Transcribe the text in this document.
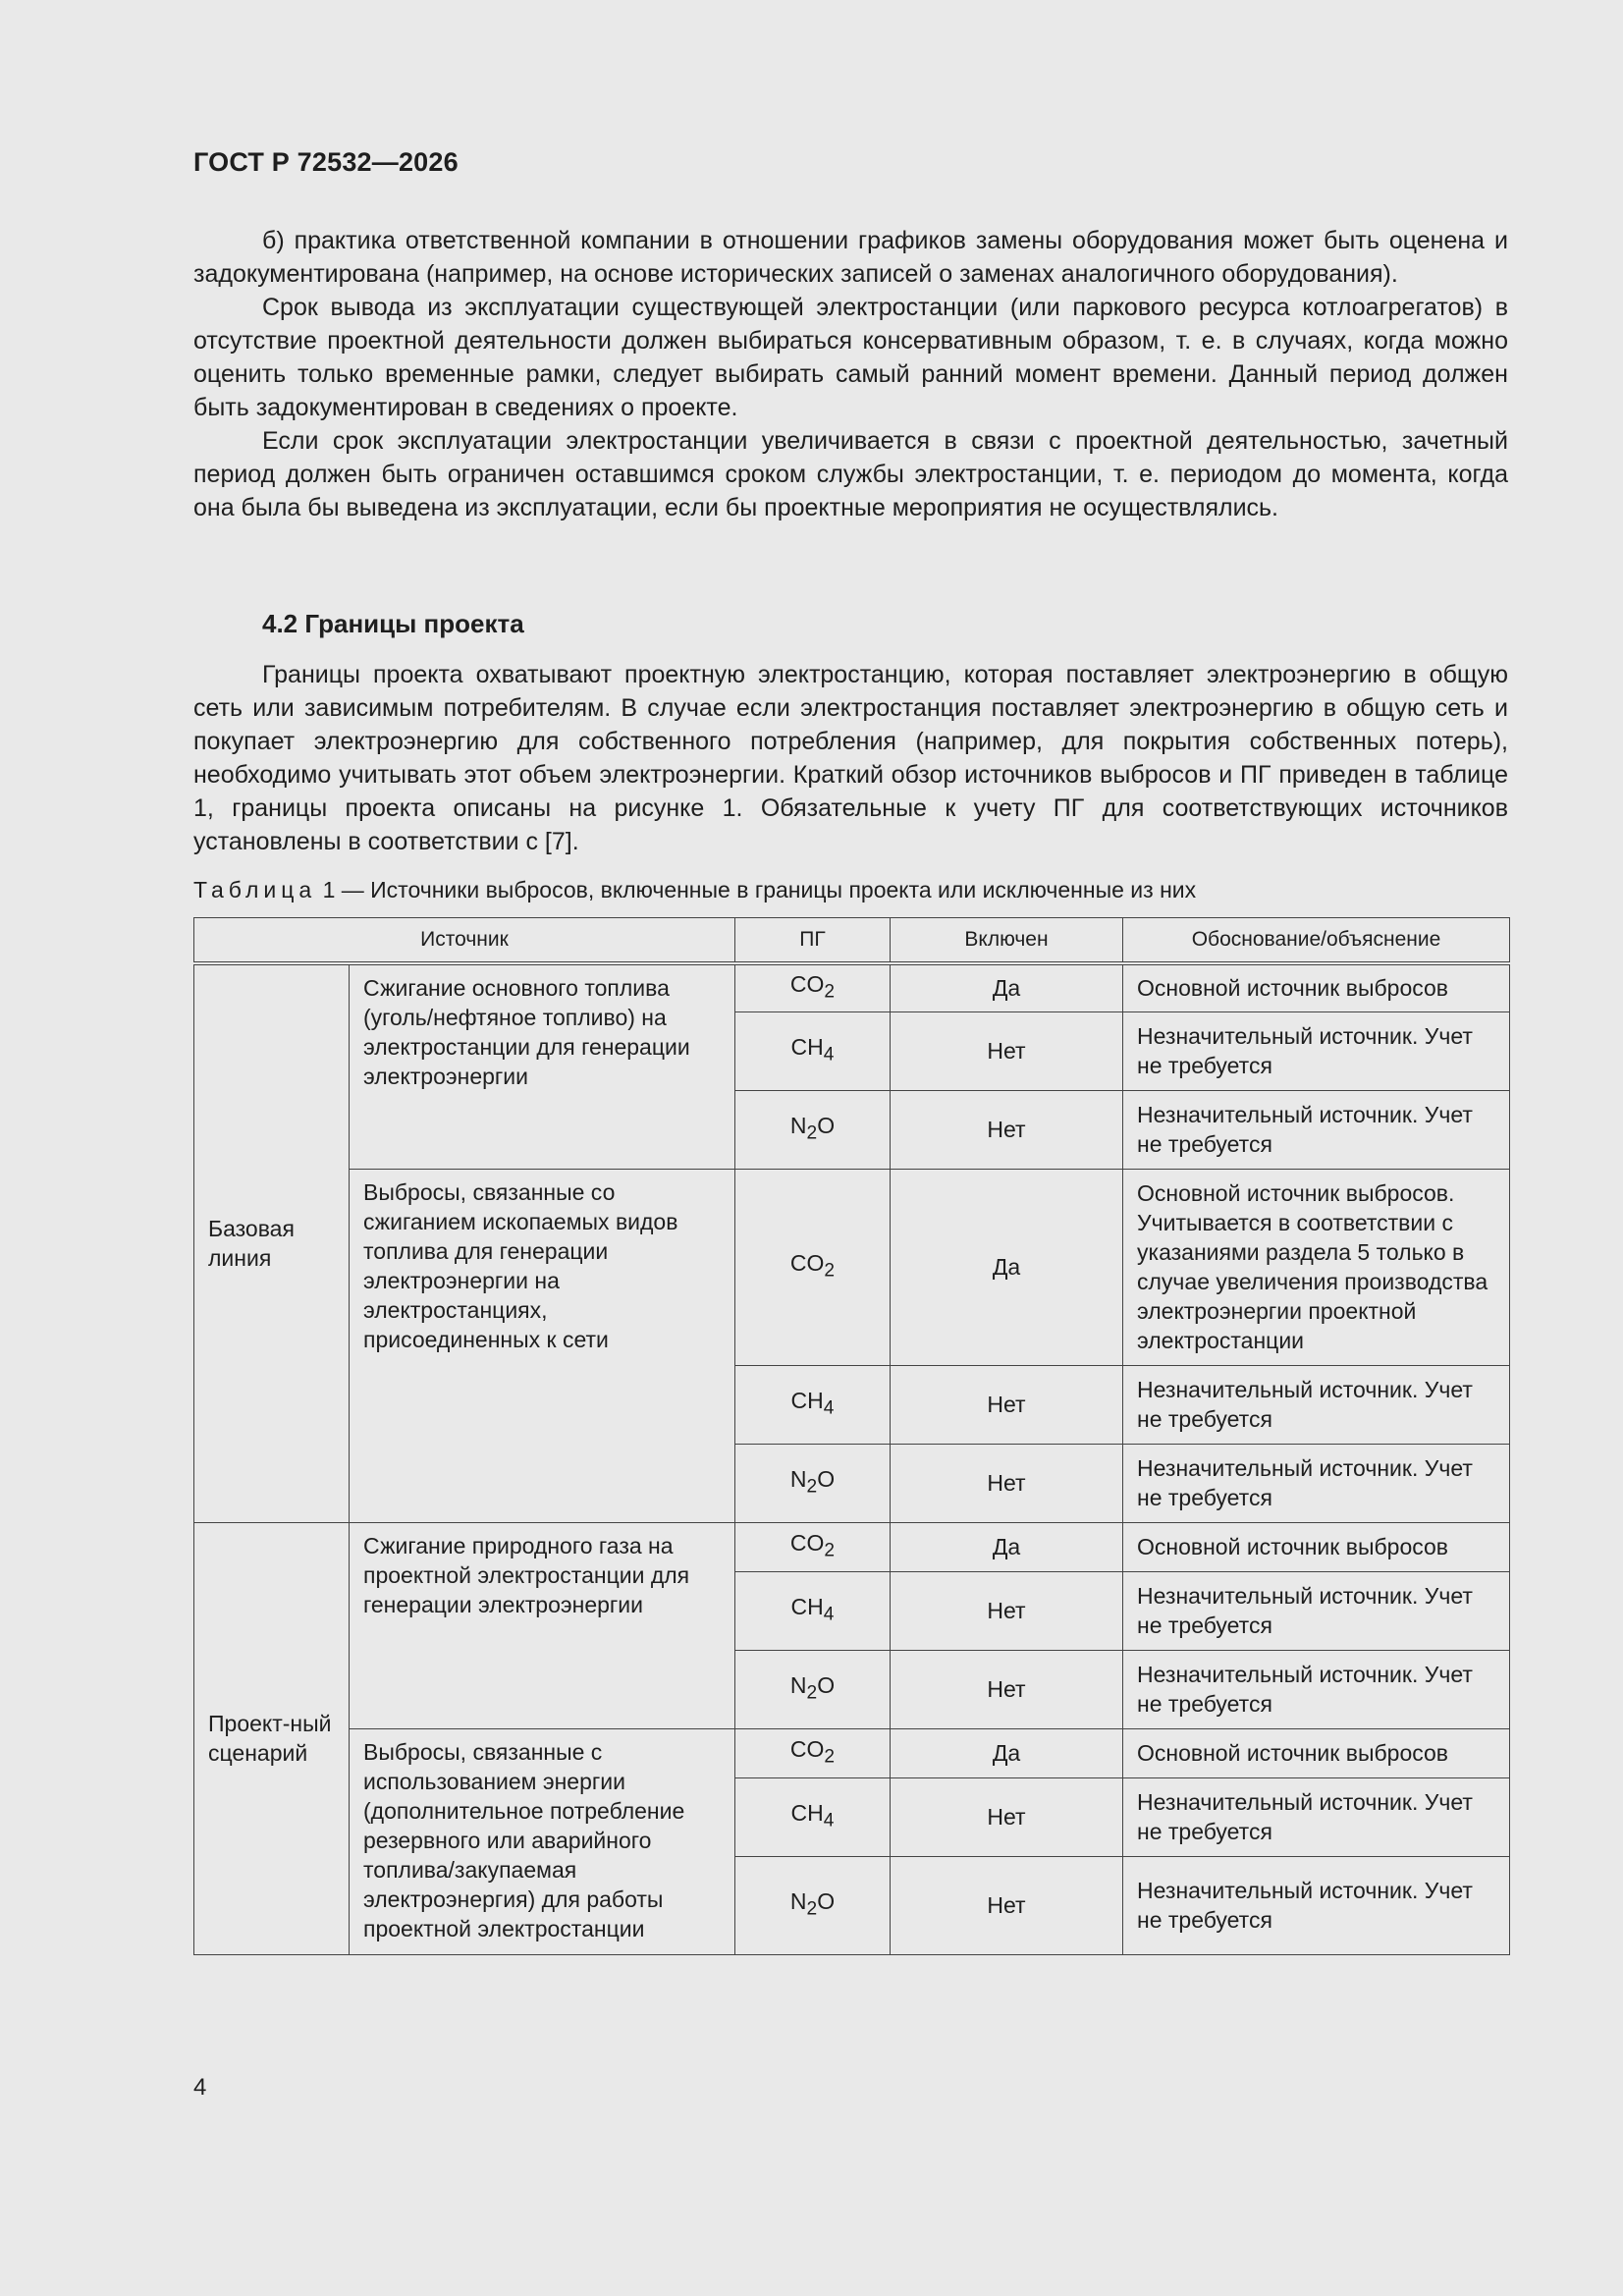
ГОСТ Р 72532—2026

б) практика ответственной компании в отношении графиков замены оборудования может быть оценена и задокументирована (например, на основе исторических записей о заменах аналогичного оборудования).

Срок вывода из эксплуатации существующей электростанции (или паркового ресурса котлоагрегатов) в отсутствие проектной деятельности должен выбираться консервативным образом, т. е. в случаях, когда можно оценить только временные рамки, следует выбирать самый ранний момент времени. Данный период должен быть задокументирован в сведениях о проекте.

Если срок эксплуатации электростанции увеличивается в связи с проектной деятельностью, зачетный период должен быть ограничен оставшимся сроком службы электростанции, т. е. периодом до момента, когда она была бы выведена из эксплуатации, если бы проектные мероприятия не осуществлялись.

4.2 Границы проекта

Границы проекта охватывают проектную электростанцию, которая поставляет электроэнергию в общую сеть или зависимым потребителям. В случае если электростанция поставляет электроэнергию в общую сеть и покупает электроэнергию для собственного потребления (например, для покрытия собственных потерь), необходимо учитывать этот объем электроэнергии. Краткий обзор источников выбросов и ПГ приведен в таблице 1, границы проекта описаны на рисунке 1. Обязательные к учету ПГ для соответствующих источников установлены в соответствии с [7].

Таблица 1 — Источники выбросов, включенные в границы проекта или исключенные из них
Источник		ПГ	Включен	Обоснование/объяснение
Базовая линия	Сжигание основного топлива (уголь/нефтяное топливо) на электростанции для генерации электроэнергии	$CO_2$	Да	Основной источник выбросов
		$CH_4$	Нет	Незначительный источник. Учет не требуется
		$N_2O$	Нет	Незначительный источник. Учет не требуется
	Выбросы, связанные со сжиганием ископаемых видов топлива для генерации электроэнергии на электростанциях, присоединенных к сети	$CO_2$	Да	Основной источник выбросов. Учитывается в соответствии с указаниями раздела 5 только в случае увеличения производства электроэнергии проектной электростанции
		$CH_4$	Нет	Незначительный источник. Учет не требуется
		$N_2O$	Нет	Незначительный источник. Учет не требуется
Проект-ный сценарий	Сжигание природного газа на проектной электростанции для генерации электроэнергии	$CO_2$	Да	Основной источник выбросов
		$CH_4$	Нет	Незначительный источник. Учет не требуется
		$N_2O$	Нет	Незначительный источник. Учет не требуется
	Выбросы, связанные с использованием энергии (дополнительное потребление резервного или аварийного топлива/закупаемая электроэнергия) для работы проектной электростанции	$CO_2$	Да	Основной источник выбросов
		$CH_4$	Нет	Незначительный источник. Учет не требуется
		$N_2O$	Нет	Незначительный источник. Учет не требуется
4
